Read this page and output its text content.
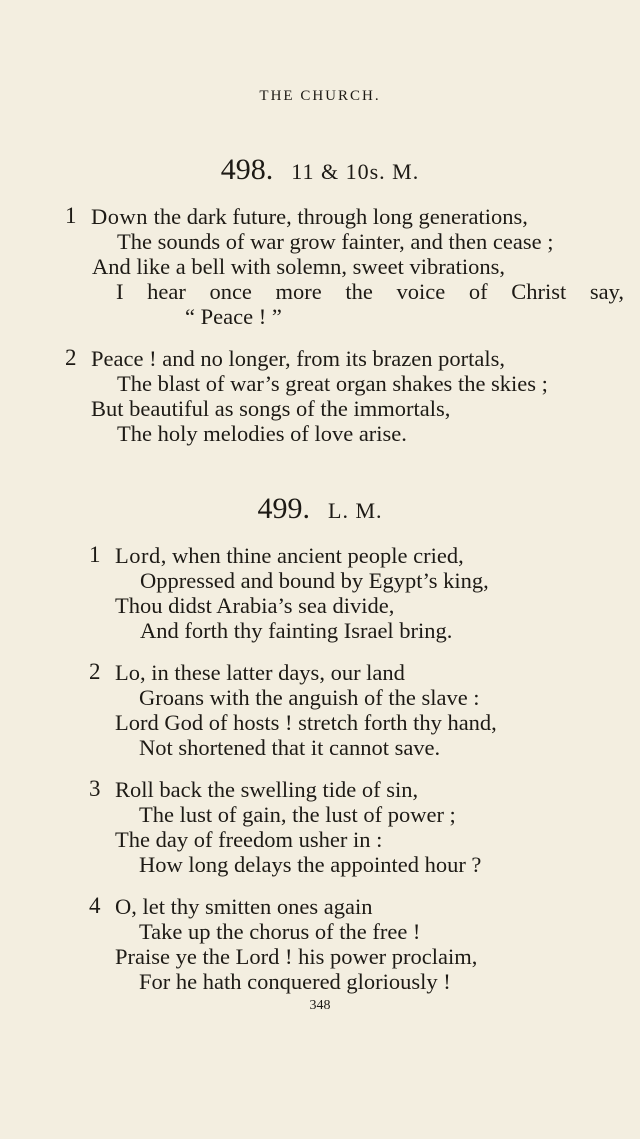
THE CHURCH.
498. 11 & 10s. M.
1 Down the dark future, through long generations,
The sounds of war grow fainter, and then cease ;
And like a bell with solemn, sweet vibrations,
I hear once more the voice of Christ say,
“ Peace ! ”
2 Peace ! and no longer, from its brazen portals,
The blast of war’s great organ shakes the skies ;
But beautiful as songs of the immortals,
The holy melodies of love arise.
499. L. M.
1 Lord, when thine ancient people cried,
Oppressed and bound by Egypt’s king,
Thou didst Arabia’s sea divide,
And forth thy fainting Israel bring.
2 Lo, in these latter days, our land
Groans with the anguish of the slave :
Lord God of hosts ! stretch forth thy hand,
Not shortened that it cannot save.
3 Roll back the swelling tide of sin,
The lust of gain, the lust of power ;
The day of freedom usher in :
How long delays the appointed hour ?
4 O, let thy smitten ones again
Take up the chorus of the free !
Praise ye the Lord ! his power proclaim,
For he hath conquered gloriously !
348
